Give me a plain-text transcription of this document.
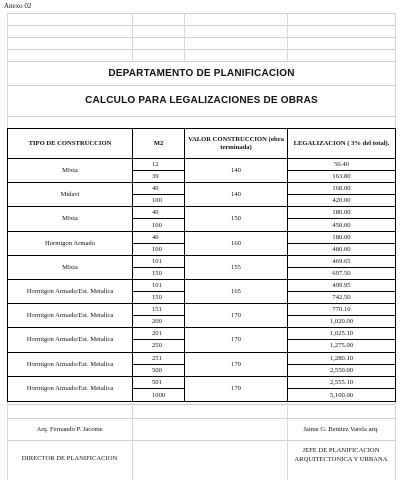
Anexo 02
DEPARTAMENTO DE PLANIFICACION
CALCULO PARA LEGALIZACIONES DE OBRAS
TIPO DE CONSTRUCCION	M2
VALOR CONSTRUCCION (obra terminada)
LEGALIZACION ( 3% del total).
Mixta
12
39
140
50.40
163.80
Midavi
40
100
140
168.00
420.00
Mixta
40
100
150
180.00
450.00
Hormigon Armado
40
100
160
180.00
480.00
Mixta
101
150
155
469.65
697.50
Hormigon Armado/Est. Metalica
101
150
165
499.95
742.50
Hormigon Armado/Est. Metalica
151
200
170
770.10
1,020.00
Hormigon Armado/Est. Metalica
201
250
170
1,025.10
1,275.00
Hormigon Armado/Est. Metalica
251
500
170
1,280.10
2,550.00
Hormigon Armado/Est. Metalica
501
1000
170
2,555.10
5,100.00
Arq. Fernando P. Jacome	Jaime G. Benitez Varela arq.
DIRECTOR DE PLANIFICACION
JEFE DE PLANIFICACION ARQUITECTONICA Y URBANA
